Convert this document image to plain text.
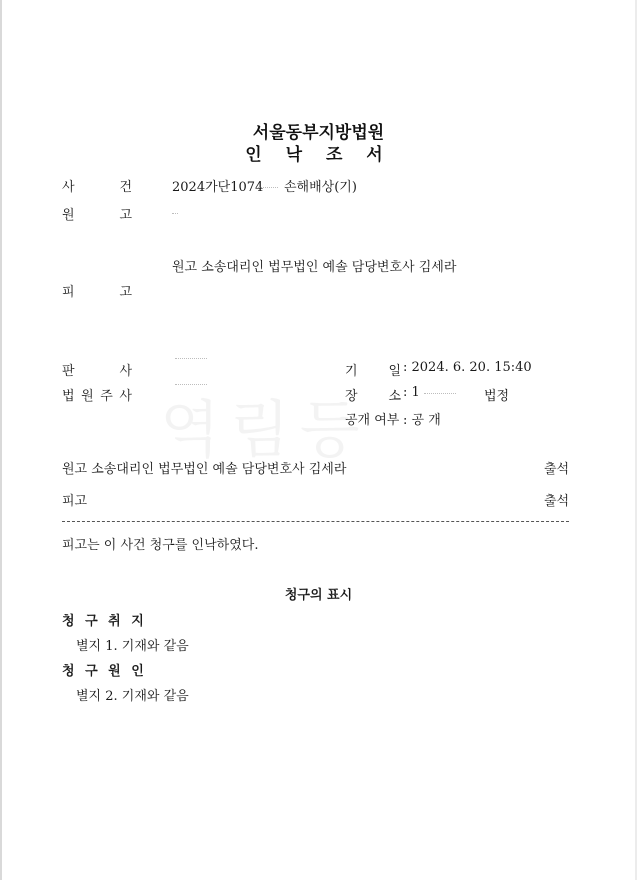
서울동부지방법원
인 낙 조 서
사	건	2024가단1074 손해배상(기)
원	고
원고 소송대리인 법무법인 예솔 담당변호사 김세라
피	고
판	사
법 원 주 사
기 일 : 2024. 6. 20. 15:40
장 소 : 1	법정
공개 여부 : 공 개
원고 소송대리인 법무법인 예솔 담당변호사 김세라	출석
피고	출석
피고는 이 사건 청구를 인낙하였다.
청구의 표시
청 구 취 지
별지 1. 기재와 같음
청 구 원 인
별지 2. 기재와 같음
